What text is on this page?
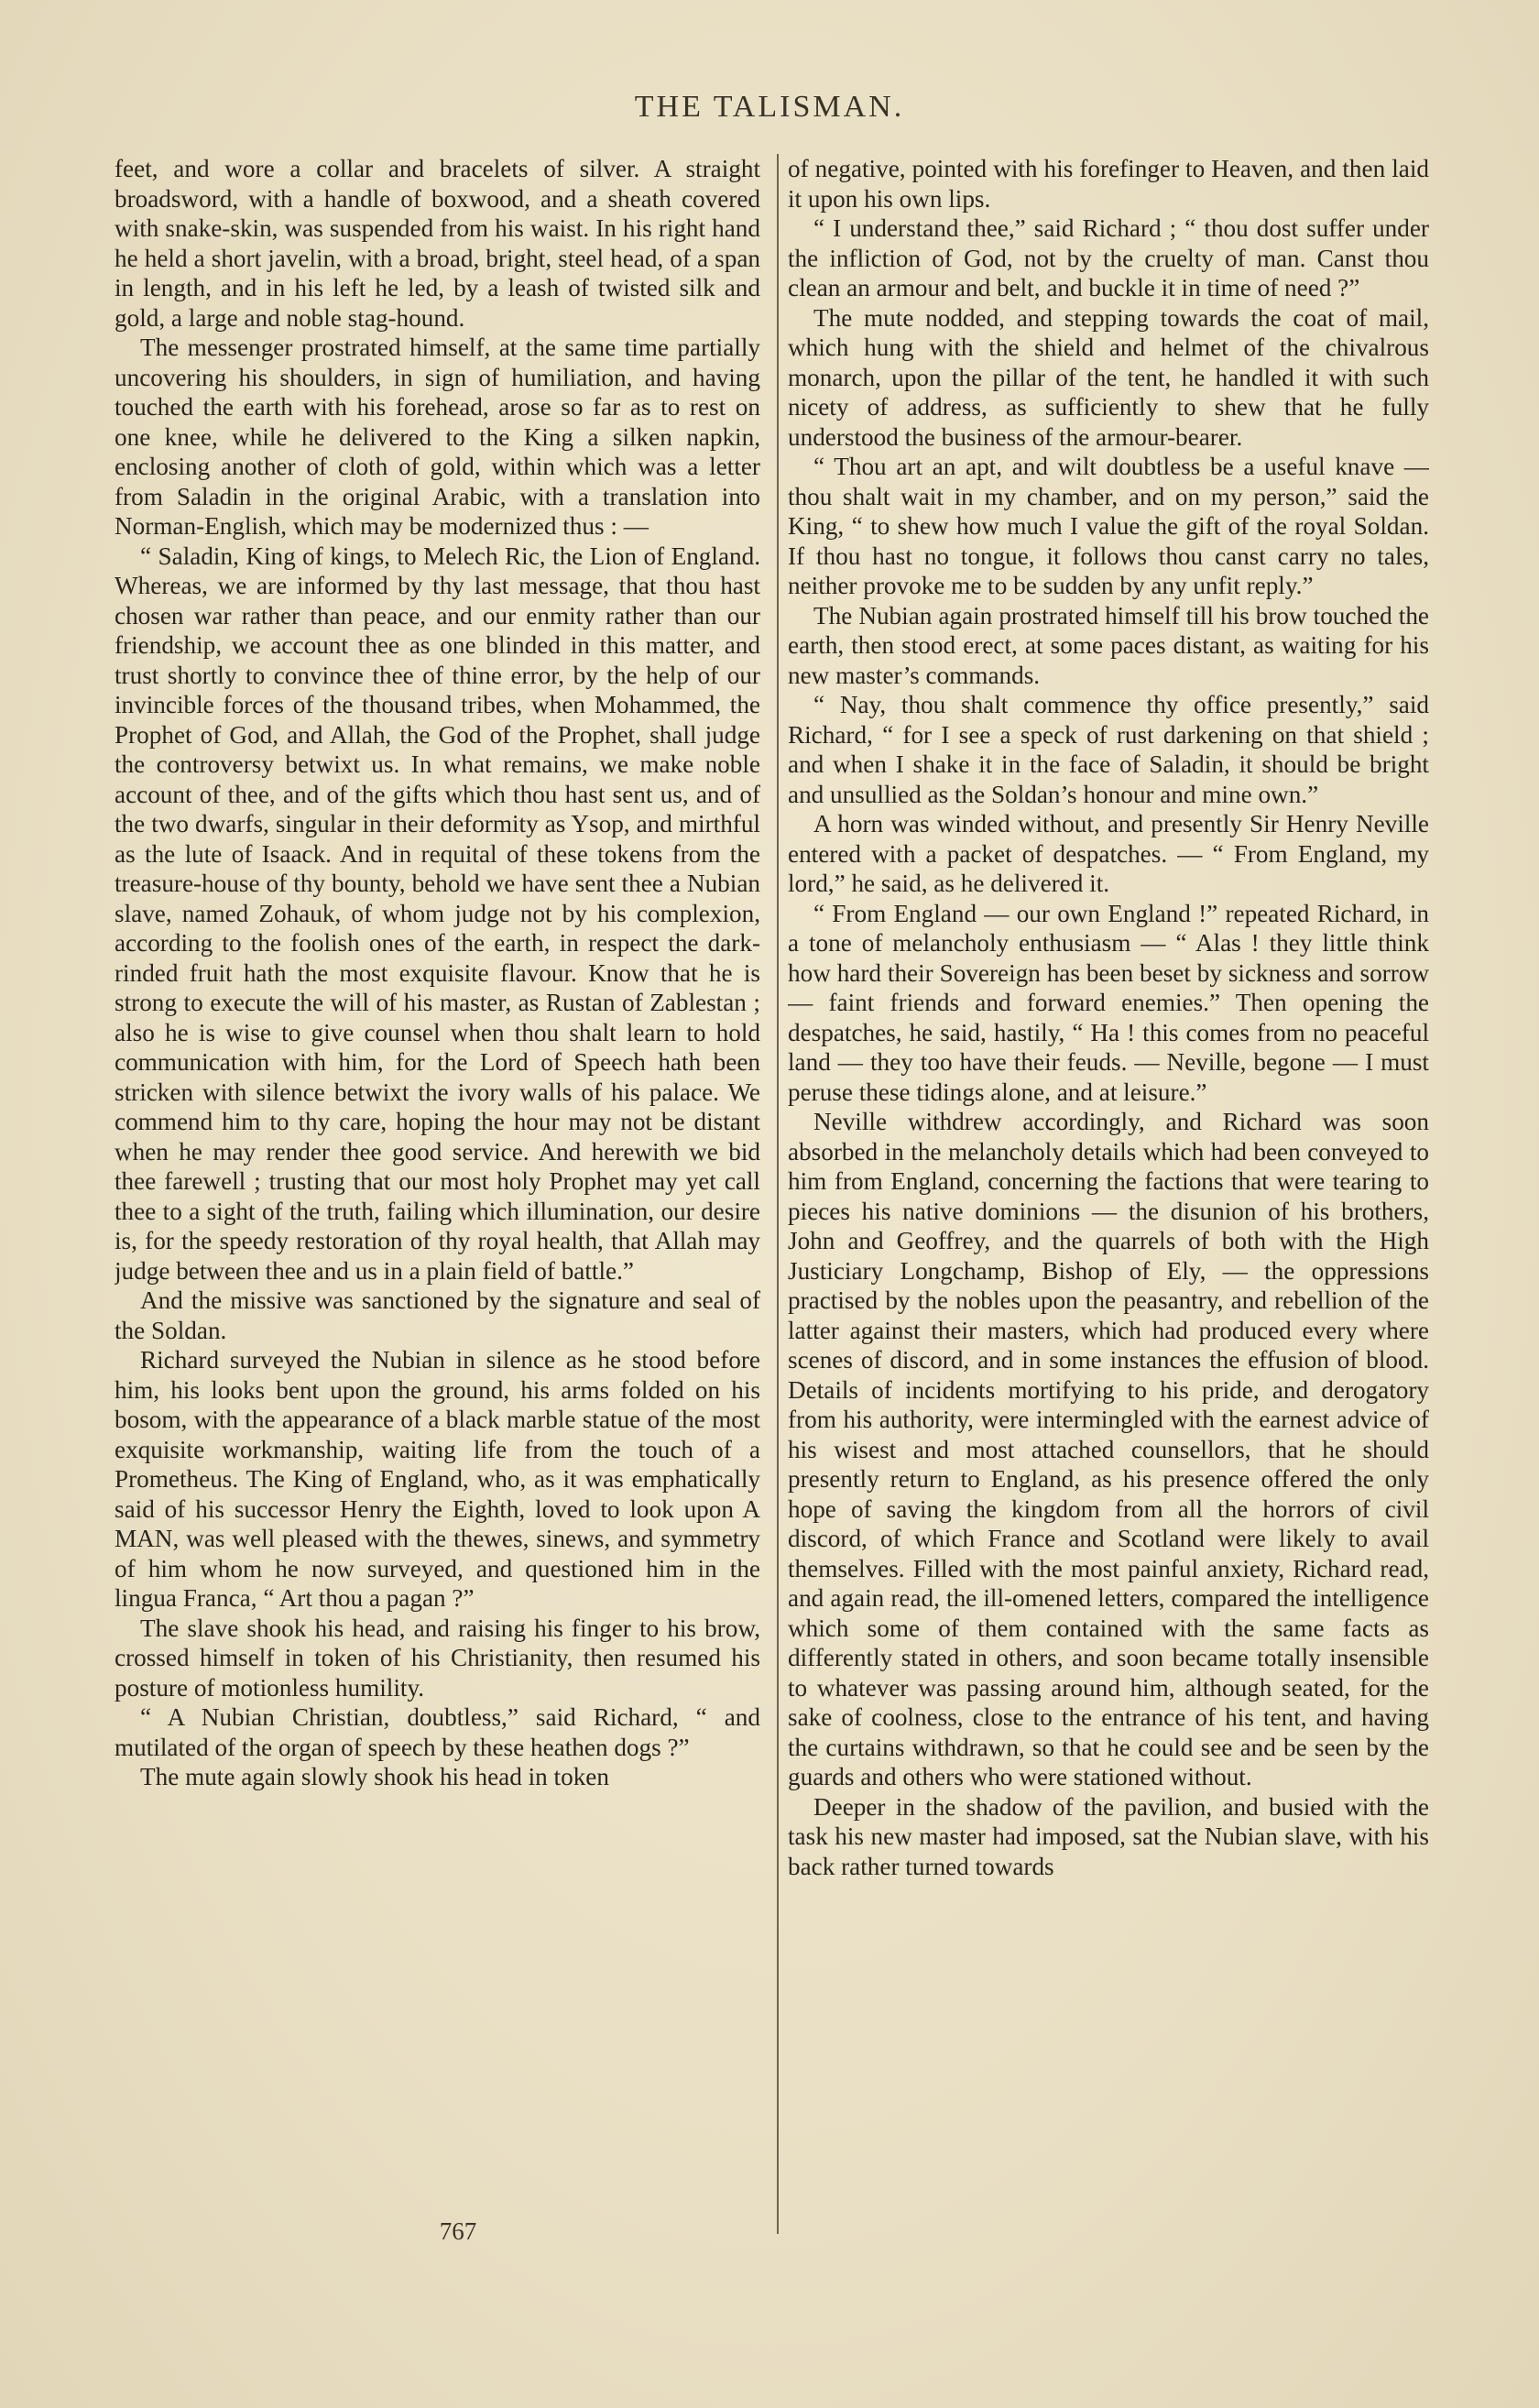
THE TALISMAN.

feet, and wore a collar and bracelets of silver. A straight broadsword, with a handle of boxwood, and a sheath covered with snake-skin, was suspended from his waist. In his right hand he held a short javelin, with a broad, bright, steel head, of a span in length, and in his left he led, by a leash of twisted silk and gold, a large and noble stag-hound.

The messenger prostrated himself, at the same time partially uncovering his shoulders, in sign of humiliation, and having touched the earth with his forehead, arose so far as to rest on one knee, while he delivered to the King a silken napkin, enclosing another of cloth of gold, within which was a letter from Saladin in the original Arabic, with a translation into Norman-English, which may be modernized thus : —

“ Saladin, King of kings, to Melech Ric, the Lion of England. Whereas, we are informed by thy last message, that thou hast chosen war rather than peace, and our enmity rather than our friendship, we account thee as one blinded in this matter, and trust shortly to convince thee of thine error, by the help of our invincible forces of the thousand tribes, when Mohammed, the Prophet of God, and Allah, the God of the Prophet, shall judge the controversy betwixt us. In what remains, we make noble account of thee, and of the gifts which thou hast sent us, and of the two dwarfs, singular in their deformity as Ysop, and mirthful as the lute of Isaack. And in requital of these tokens from the treasure-house of thy bounty, behold we have sent thee a Nubian slave, named Zohauk, of whom judge not by his complexion, according to the foolish ones of the earth, in respect the dark-rinded fruit hath the most exquisite flavour. Know that he is strong to execute the will of his master, as Rustan of Zablestan ; also he is wise to give counsel when thou shalt learn to hold communication with him, for the Lord of Speech hath been stricken with silence betwixt the ivory walls of his palace. We commend him to thy care, hoping the hour may not be distant when he may render thee good service. And herewith we bid thee farewell ; trusting that our most holy Prophet may yet call thee to a sight of the truth, failing which illumination, our desire is, for the speedy restoration of thy royal health, that Allah may judge between thee and us in a plain field of battle.”

And the missive was sanctioned by the signature and seal of the Soldan.

Richard surveyed the Nubian in silence as he stood before him, his looks bent upon the ground, his arms folded on his bosom, with the appearance of a black marble statue of the most exquisite workmanship, waiting life from the touch of a Prometheus. The King of England, who, as it was emphatically said of his successor Henry the Eighth, loved to look upon A MAN, was well pleased with the thewes, sinews, and symmetry of him whom he now surveyed, and questioned him in the lingua Franca, “ Art thou a pagan ?”

The slave shook his head, and raising his finger to his brow, crossed himself in token of his Christianity, then resumed his posture of motionless humility.

“ A Nubian Christian, doubtless,” said Richard, “ and mutilated of the organ of speech by these heathen dogs ?”

The mute again slowly shook his head in token

of negative, pointed with his forefinger to Heaven, and then laid it upon his own lips.

“ I understand thee,” said Richard ; “ thou dost suffer under the infliction of God, not by the cruelty of man. Canst thou clean an armour and belt, and buckle it in time of need ?”

The mute nodded, and stepping towards the coat of mail, which hung with the shield and helmet of the chivalrous monarch, upon the pillar of the tent, he handled it with such nicety of address, as sufficiently to shew that he fully understood the business of the armour-bearer.

“ Thou art an apt, and wilt doubtless be a useful knave — thou shalt wait in my chamber, and on my person,” said the King, “ to shew how much I value the gift of the royal Soldan. If thou hast no tongue, it follows thou canst carry no tales, neither provoke me to be sudden by any unfit reply.”

The Nubian again prostrated himself till his brow touched the earth, then stood erect, at some paces distant, as waiting for his new master’s commands.

“ Nay, thou shalt commence thy office presently,” said Richard, “ for I see a speck of rust darkening on that shield ; and when I shake it in the face of Saladin, it should be bright and unsullied as the Soldan’s honour and mine own.”

A horn was winded without, and presently Sir Henry Neville entered with a packet of despatches. — “ From England, my lord,” he said, as he delivered it.

“ From England — our own England !” repeated Richard, in a tone of melancholy enthusiasm — “ Alas ! they little think how hard their Sovereign has been beset by sickness and sorrow — faint friends and forward enemies.” Then opening the despatches, he said, hastily, “ Ha ! this comes from no peaceful land — they too have their feuds. — Neville, begone — I must peruse these tidings alone, and at leisure.”

Neville withdrew accordingly, and Richard was soon absorbed in the melancholy details which had been conveyed to him from England, concerning the factions that were tearing to pieces his native dominions — the disunion of his brothers, John and Geoffrey, and the quarrels of both with the High Justiciary Longchamp, Bishop of Ely, — the oppressions practised by the nobles upon the peasantry, and rebellion of the latter against their masters, which had produced every where scenes of discord, and in some instances the effusion of blood. Details of incidents mortifying to his pride, and derogatory from his authority, were intermingled with the earnest advice of his wisest and most attached counsellors, that he should presently return to England, as his presence offered the only hope of saving the kingdom from all the horrors of civil discord, of which France and Scotland were likely to avail themselves. Filled with the most painful anxiety, Richard read, and again read, the ill-omened letters, compared the intelligence which some of them contained with the same facts as differently stated in others, and soon became totally insensible to whatever was passing around him, although seated, for the sake of coolness, close to the entrance of his tent, and having the curtains withdrawn, so that he could see and be seen by the guards and others who were stationed without.

Deeper in the shadow of the pavilion, and busied with the task his new master had imposed, sat the Nubian slave, with his back rather turned towards

767
